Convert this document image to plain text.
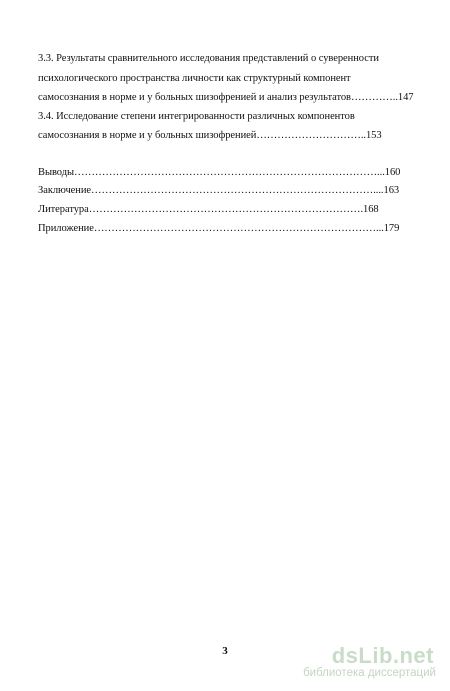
3.3. Результаты сравнительного исследования представлений о суверенности
психологического пространства личности как структурный компонент
самосознания в норме и у больных шизофренией и анализ результатов…………..147
3.4. Исследование степени интегрированности различных компонентов
самосознания в норме и у больных шизофренией…………………………..153
Выводы……………………………………………………………………………...160
Заключение………………………………………………………………………....163
Литература…………………………………………………………………….168
Приложение………………………………………………………………………...179
3	dsLib.net
библиотека диссертаций
